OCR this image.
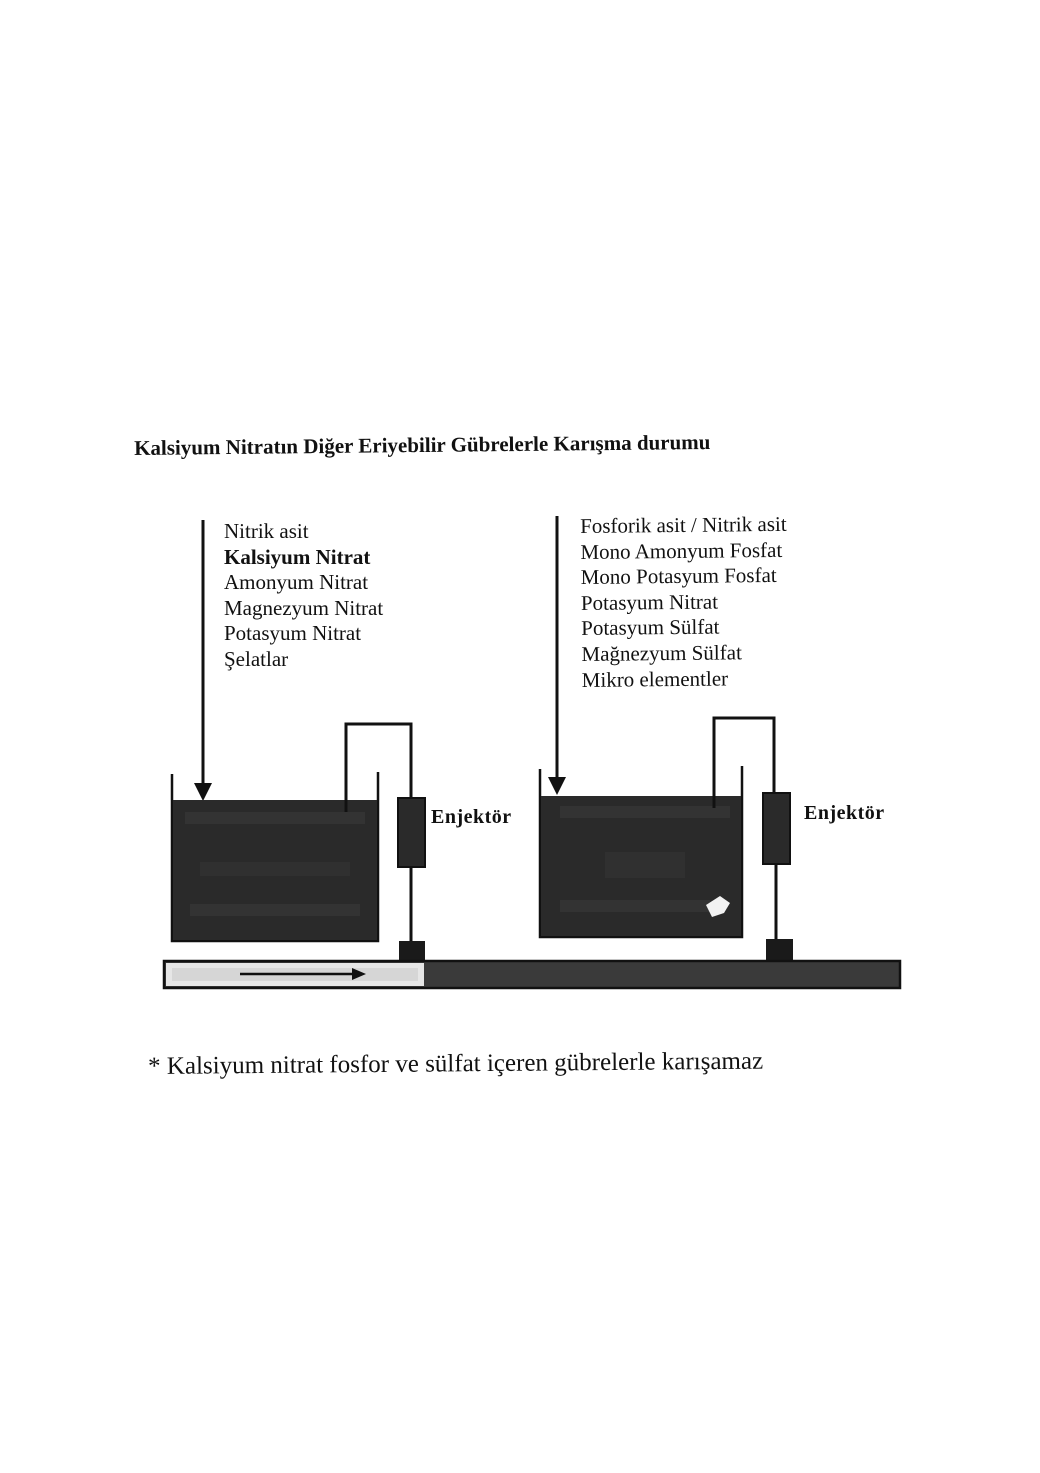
Kalsiyum Nitratın Diğer Eriyebilir Gübrelerle Karışma durumu
Nitrik asit
Kalsiyum Nitrat
Amonyum Nitrat
Magnezyum Nitrat
Potasyum Nitrat
Şelatlar
Fosforik asit / Nitrik asit
Mono Amonyum Fosfat
Mono Potasyum Fosfat
Potasyum Nitrat
Potasyum Sülfat
Mağnezyum Sülfat
Mikro elementler
Enjektör	Enjektör

* Kalsiyum nitrat fosfor ve sülfat içeren gübrelerle karışamaz
